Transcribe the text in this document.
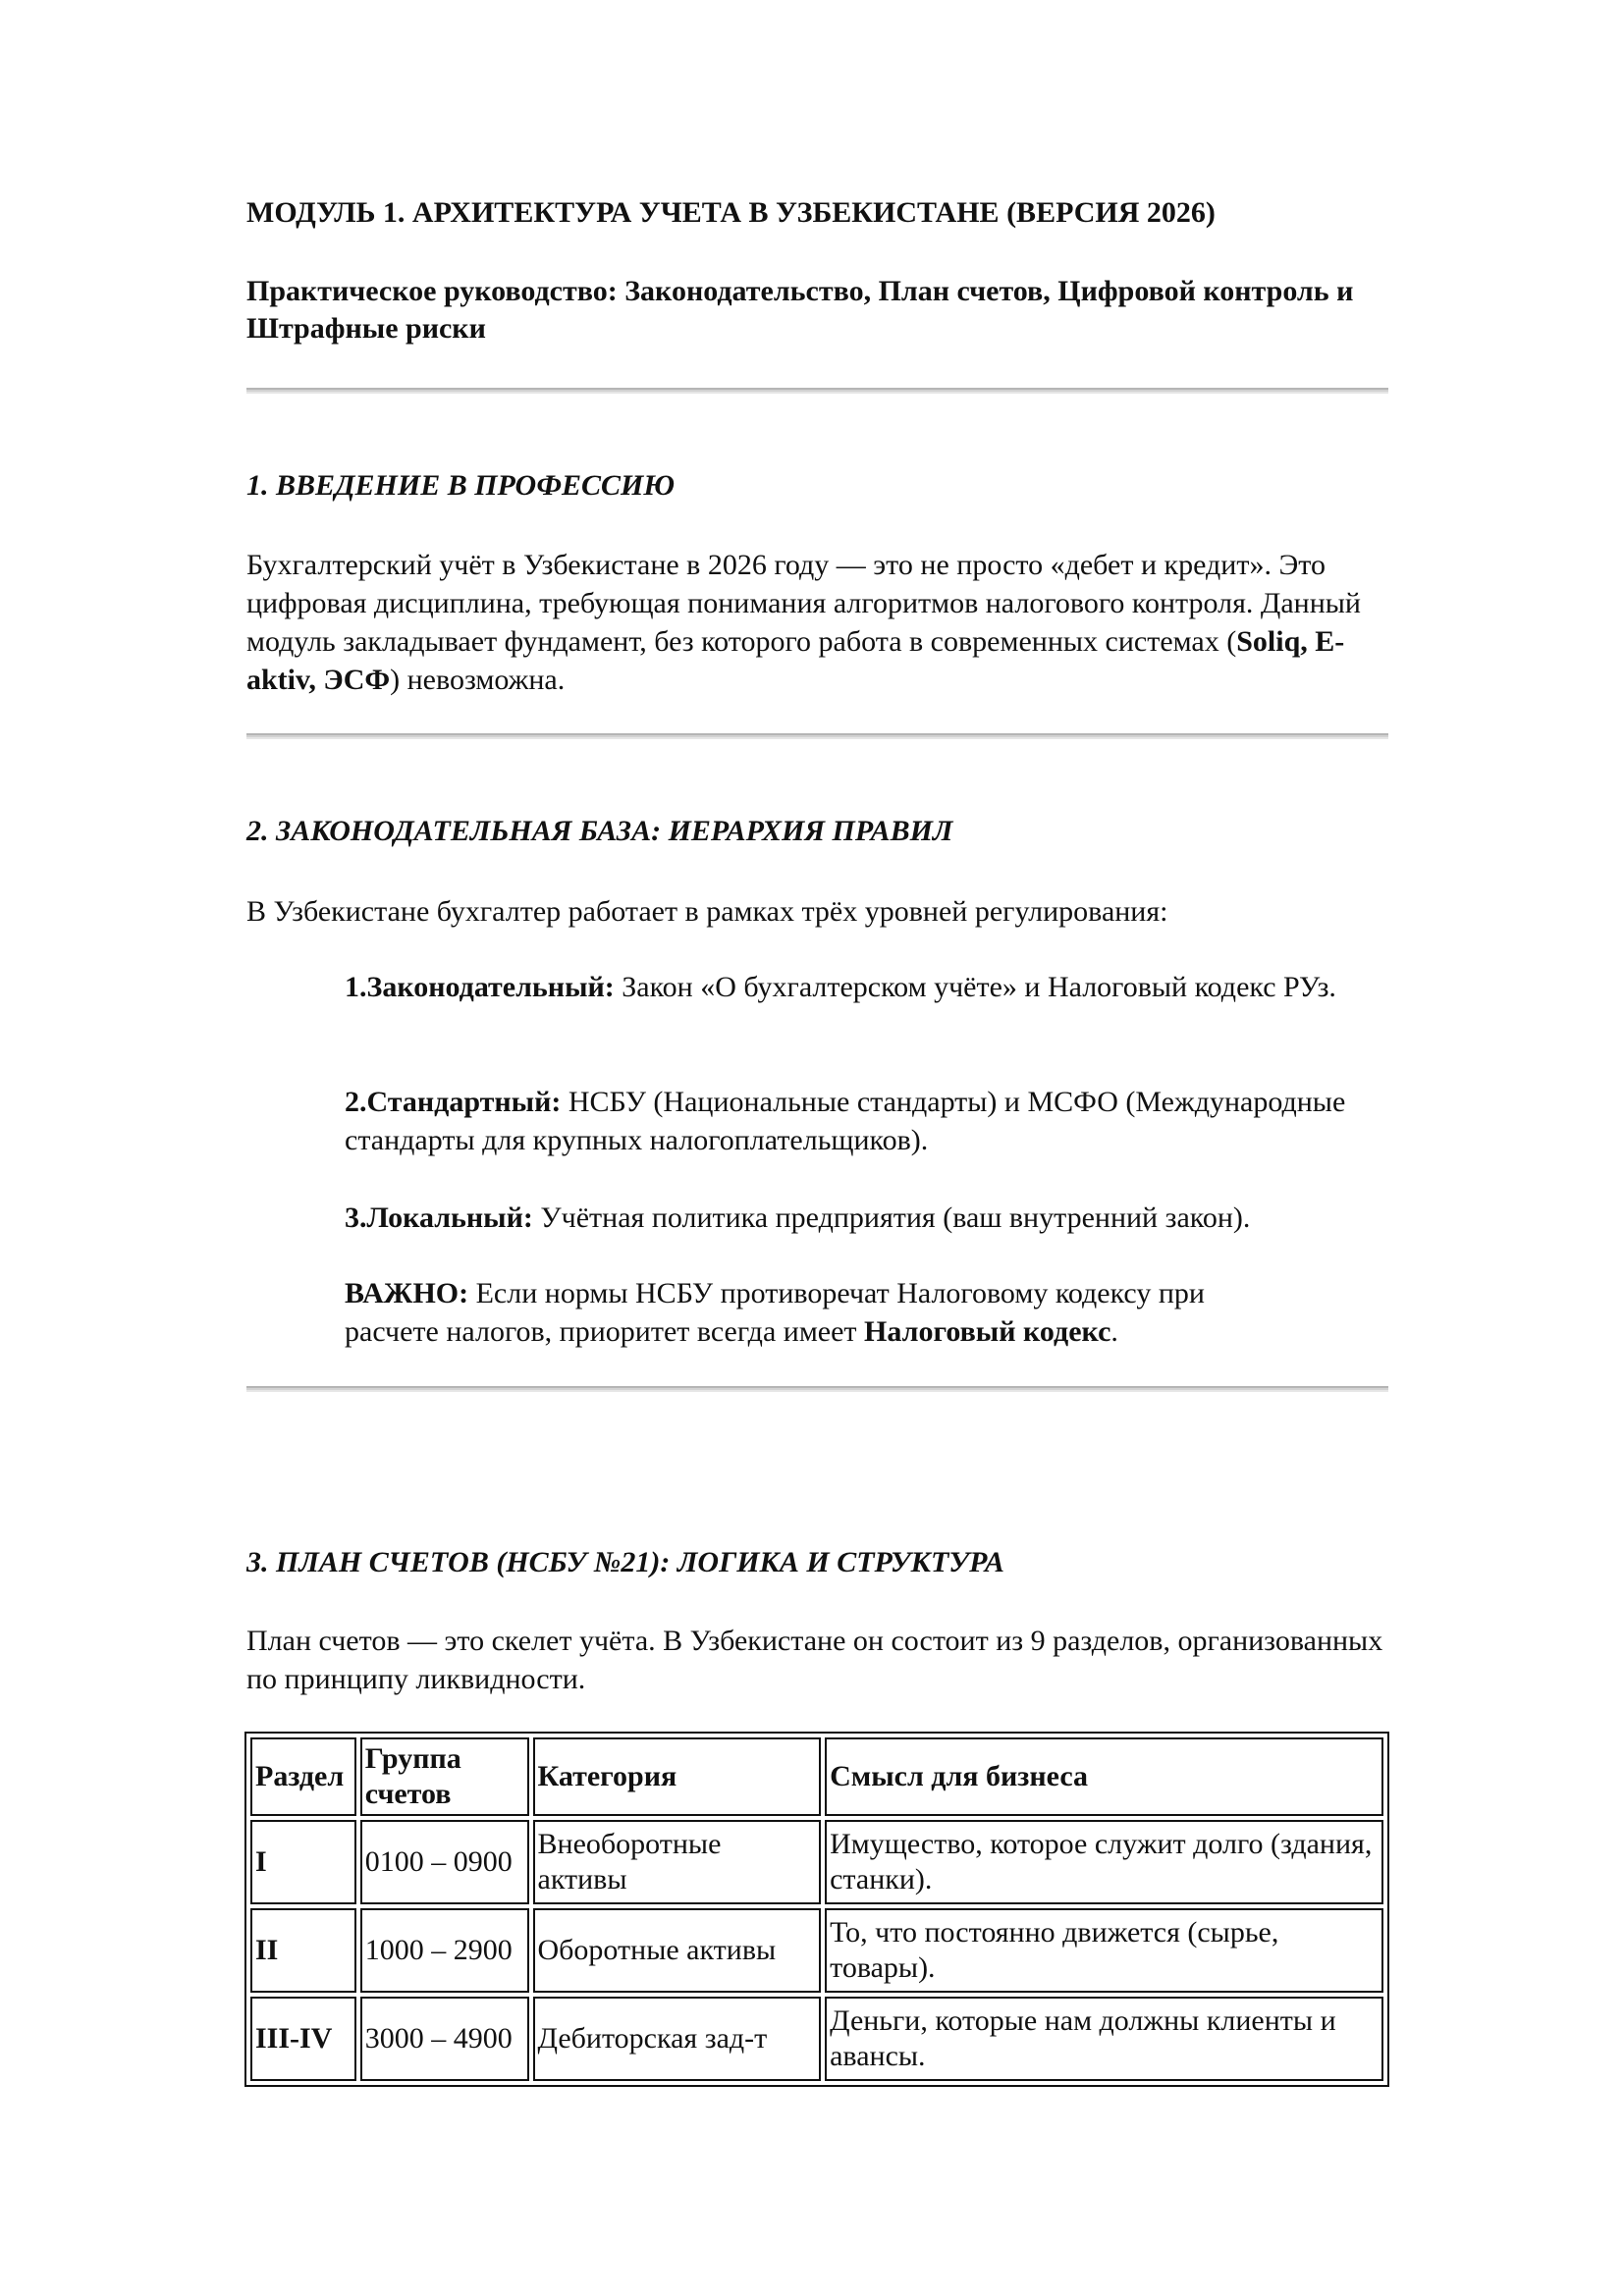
МОДУЛЬ 1. АРХИТЕКТУРА УЧЕТА В УЗБЕКИСТАНЕ (ВЕРСИЯ 2026)
Практическое руководство: Законодательство, План счетов, Цифровой контроль и Штрафные риски
1. ВВЕДЕНИЕ В ПРОФЕССИЮ

Бухгалтерский учёт в Узбекистане в 2026 году — это не просто «дебет и кредит». Это цифровая дисциплина, требующая понимания алгоритмов налогового контроля. Данный модуль закладывает фундамент, без которого работа в современных системах (Soliq, E-aktiv, ЭСФ) невозможна.

2. ЗАКОНОДАТЕЛЬНАЯ БАЗА: ИЕРАРХИЯ ПРАВИЛ

В Узбекистане бухгалтер работает в рамках трёх уровней регулирования:

1.Законодательный: Закон «О бухгалтерском учёте» и Налоговый кодекс РУз.

2.Стандартный: НСБУ (Национальные стандарты) и МСФО (Международные стандарты для крупных налогоплательщиков).

3.Локальный: Учётная политика предприятия (ваш внутренний закон).

ВАЖНО: Если нормы НСБУ противоречат Налоговому кодексу при расчете налогов, приоритет всегда имеет Налоговый кодекс.

3. ПЛАН СЧЕТОВ (НСБУ №21): ЛОГИКА И СТРУКТУРА

План счетов — это скелет учёта. В Узбекистане он состоит из 9 разделов, организованных по принципу ликвидности.

Раздел	Группа счетов	Категория	Смысл для бизнеса
I	0100 – 0900	Внеоборотные активы	Имущество, которое служит долго (здания, станки).
II	1000 – 2900	Оборотные активы	То, что постоянно движется (сырье, товары).
III-IV	3000 – 4900	Дебиторская зад-т	Деньги, которые нам должны клиенты и авансы.
